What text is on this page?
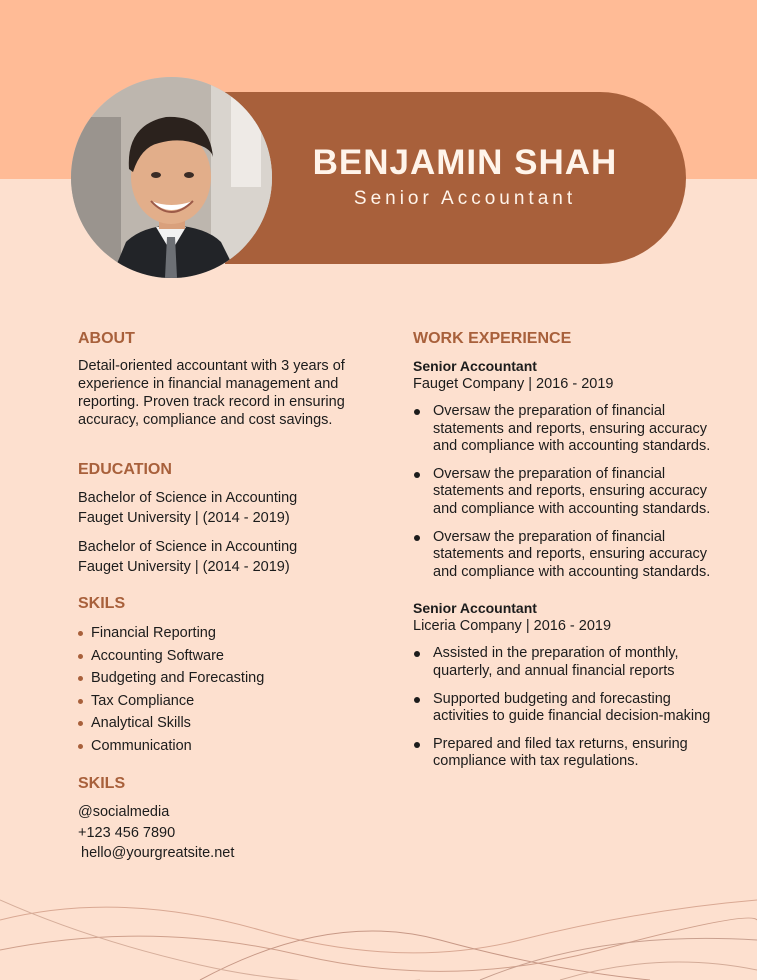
BENJAMIN SHAH

Senior Accountant

ABOUT

Detail-oriented accountant with 3 years of experience in financial management and reporting. Proven track record in ensuring accuracy, compliance and cost savings.

EDUCATION
Bachelor of Science in Accounting
Fauget University | (2014 - 2019)
Bachelor of Science in Accounting
Fauget University | (2014 - 2019)
SKILS
Financial Reporting
Accounting Software
Budgeting and Forecasting
Tax Compliance
Analytical Skills
Communication
SKILS
@socialmedia
+123 456 7890
hello@yourgreatsite.net
WORK EXPERIENCE

Senior Accountant

Fauget Company | 2016 - 2019

Oversaw the preparation of financial statements and reports, ensuring accuracy and compliance with accounting standards.
Oversaw the preparation of financial statements and reports, ensuring accuracy and compliance with accounting standards.
Oversaw the preparation of financial statements and reports, ensuring accuracy and compliance with accounting standards.

Senior Accountant

Liceria Company | 2016 - 2019

Assisted in the preparation of monthly, quarterly, and annual financial reports
Supported budgeting and forecasting activities to guide financial decision-making
Prepared and filed tax returns, ensuring compliance with tax regulations.
